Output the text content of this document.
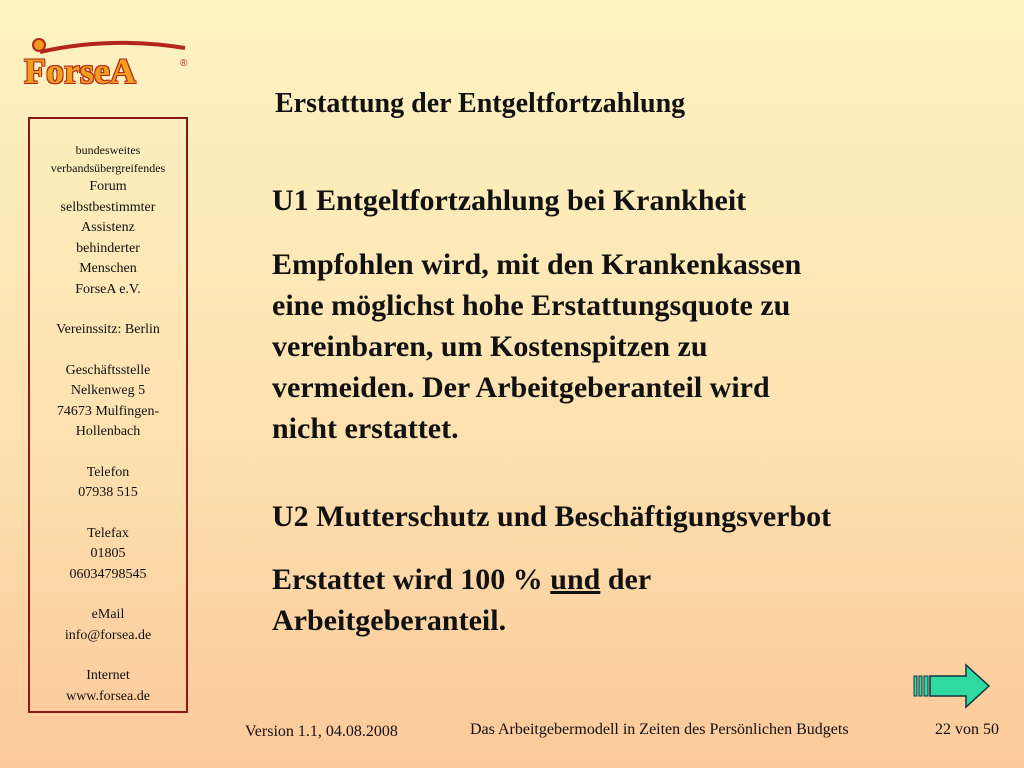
ForseA	®
bundesweites
verbandsübergreifendes
Forum
selbstbestimmter
Assistenz
behinderter
Menschen
ForseA e.V.
Vereinssitz: Berlin
Geschäftsstelle
Nelkenweg 5
74673 Mulfingen-
Hollenbach
Telefon
07938 515
Telefax
01805
06034798545
eMail
info@forsea.de
Internet
www.forsea.de
Erstattung der Entgeltfortzahlung

U1 Entgeltfortzahlung bei Krankheit

Empfohlen wird, mit den Krankenkassen

eine möglichst hohe Erstattungsquote zu

vereinbaren, um Kostenspitzen zu

vermeiden. Der Arbeitgeberanteil wird

nicht erstattet.

U2 Mutterschutz und Beschäftigungsverbot

Erstattet wird 100 % und der

Arbeitgeberanteil.

Version 1.1, 04.08.2008	Das Arbeitgebermodell in Zeiten des Persönlichen Budgets	22 von 50
